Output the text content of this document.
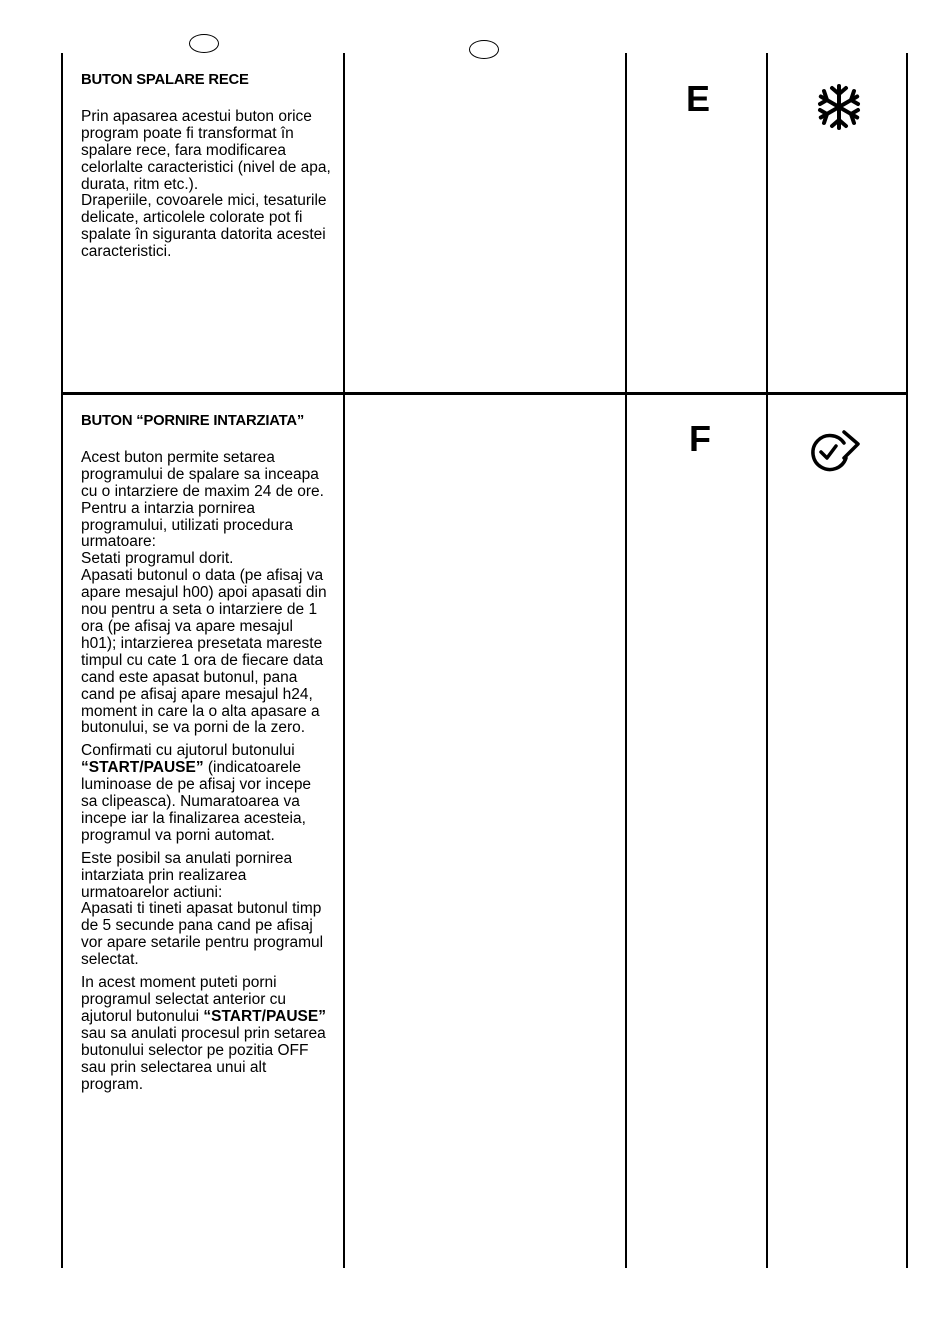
BUTON SPALARE RECE

Prin apasarea acestui buton orice program poate fi transformat în spalare rece, fara modificarea celorlalte caracteristici (nivel de apa, durata, ritm etc.).

Draperiile, covoarele mici, tesaturile delicate, articolele colorate pot fi spalate în siguranta datorita acestei caracteristici.

E
BUTON “PORNIRE INTARZIATA”

Acest buton permite setarea programului de spalare sa inceapa cu o intarziere de maxim 24 de ore.

Pentru a intarzia pornirea programului, utilizati procedura urmatoare:

Setati programul dorit.

Apasati butonul o data (pe afisaj va apare mesajul h00) apoi apasati din nou pentru a seta o intarziere de 1 ora (pe afisaj va apare mesajul h01); intarzierea presetata mareste timpul cu cate 1 ora de fiecare data cand este apasat butonul, pana cand pe afisaj apare mesajul h24, moment in care la o alta apasare a butonului, se va porni de la zero.

Confirmati cu ajutorul butonului “START/PAUSE” (indicatoarele luminoase de pe afisaj vor incepe sa clipeasca). Numaratoarea va incepe iar la finalizarea acesteia, programul va porni automat.

Este posibil sa anulati pornirea intarziata prin realizarea urmatoarelor actiuni:

Apasati ti tineti apasat butonul timp de 5 secunde pana cand pe afisaj vor apare setarile pentru programul selectat.

In acest moment puteti porni programul selectat anterior cu ajutorul butonului “START/PAUSE” sau sa anulati procesul prin setarea butonului selector pe pozitia OFF sau prin selectarea unui alt program.

F
